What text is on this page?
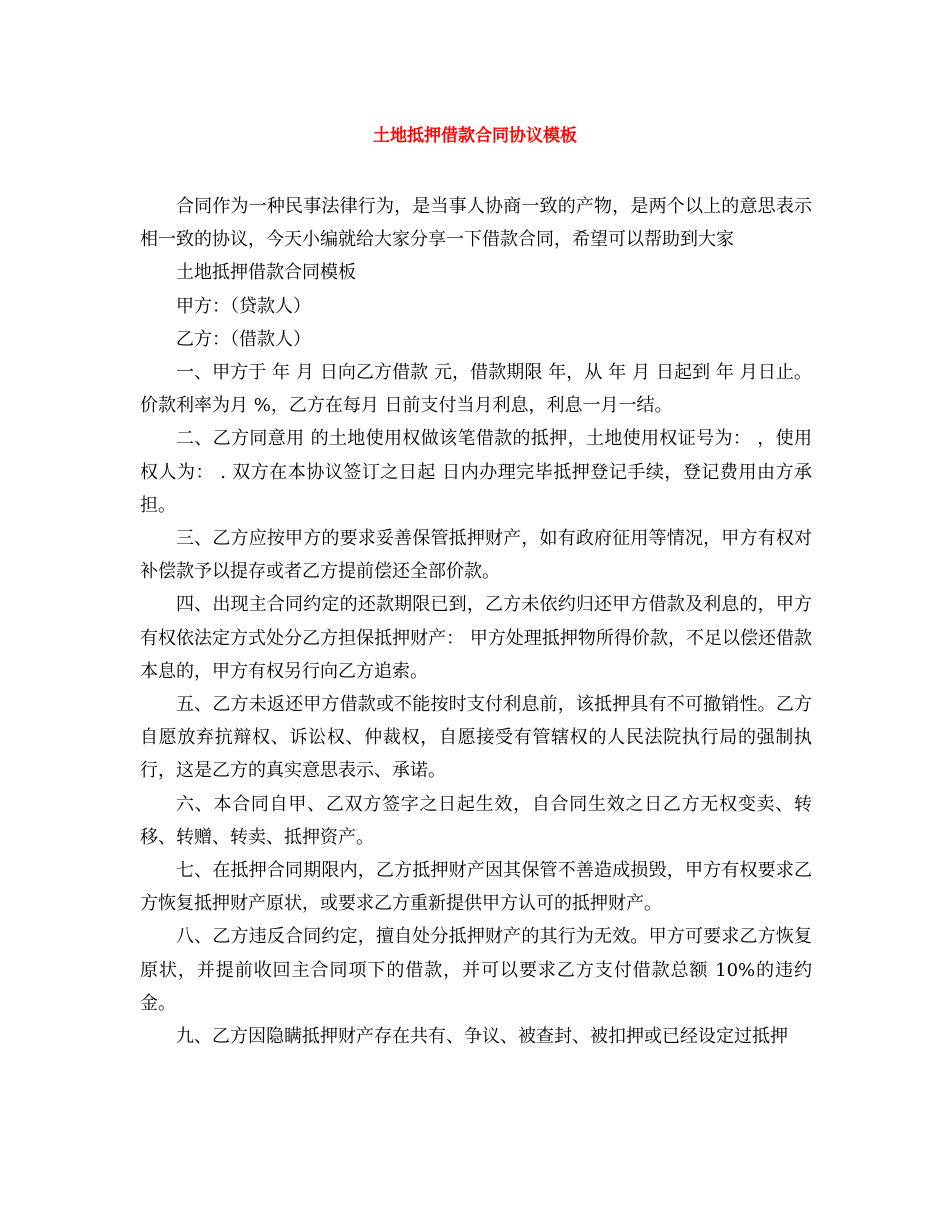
土地抵押借款合同协议模板

合同作为一种民事法律行为，是当事人协商一致的产物，是两个以上的意思表示相一致的协议，今天小编就给大家分享一下借款合同，希望可以帮助到大家

土地抵押借款合同模板

甲方：（贷款人）

乙方：（借款人）

一、甲方于 年 月 日向乙方借款 元，借款期限 年，从 年 月 日起到 年 月日止。价款利率为月 %，乙方在每月 日前支付当月利息，利息一月一结。

二、乙方同意用 的土地使用权做该笔借款的抵押，土地使用权证号为： ，使用权人为： . 双方在本协议签订之日起 日内办理完毕抵押登记手续，登记费用由方承担。

三、乙方应按甲方的要求妥善保管抵押财产，如有政府征用等情况，甲方有权对补偿款予以提存或者乙方提前偿还全部价款。

四、出现主合同约定的还款期限已到，乙方未依约归还甲方借款及利息的，甲方有权依法定方式处分乙方担保抵押财产： 甲方处理抵押物所得价款，不足以偿还借款本息的，甲方有权另行向乙方追索。

五、乙方未返还甲方借款或不能按时支付利息前，该抵押具有不可撤销性。乙方自愿放弃抗辩权、诉讼权、仲裁权，自愿接受有管辖权的人民法院执行局的强制执行，这是乙方的真实意思表示、承诺。

六、本合同自甲、乙双方签字之日起生效，自合同生效之日乙方无权变卖、转移、转赠、转卖、抵押资产。

七、在抵押合同期限内，乙方抵押财产因其保管不善造成损毁，甲方有权要求乙方恢复抵押财产原状，或要求乙方重新提供甲方认可的抵押财产。

八、乙方违反合同约定，擅自处分抵押财产的其行为无效。甲方可要求乙方恢复原状，并提前收回主合同项下的借款，并可以要求乙方支付借款总额 10%的违约金。

九、乙方因隐瞒抵押财产存在共有、争议、被查封、被扣押或已经设定过抵押
